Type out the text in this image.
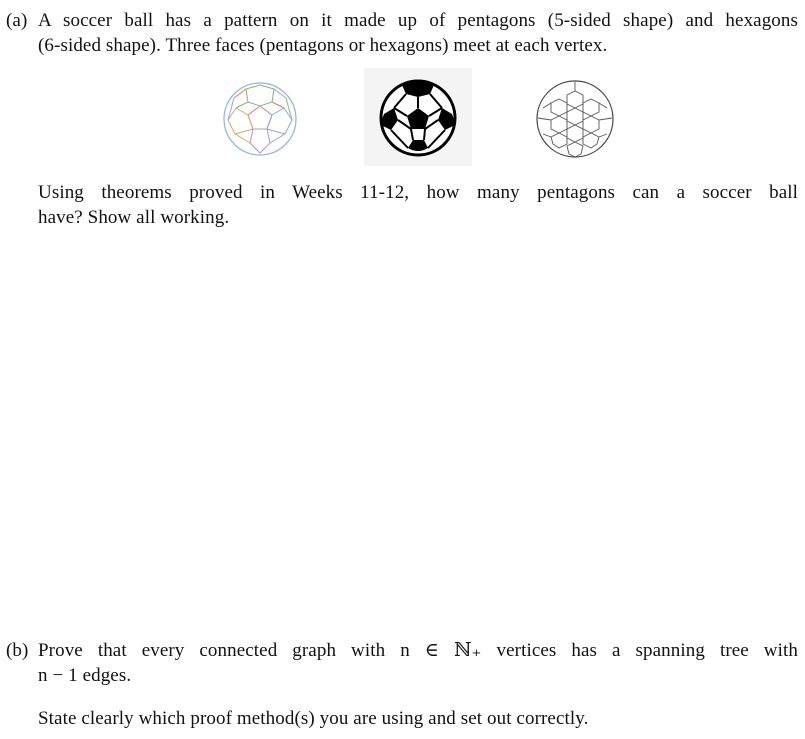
(a) A soccer ball has a pattern on it made up of pentagons (5-sided shape) and hexagons
(6-sided shape). Three faces (pentagons or hexagons) meet at each vertex.
Using theorems proved in Weeks 11-12, how many pentagons can a soccer ball
have? Show all working.
(b) Prove that every connected graph with n ∈ ℕ₊ vertices has a spanning tree with
n − 1 edges.
State clearly which proof method(s) you are using and set out correctly.
